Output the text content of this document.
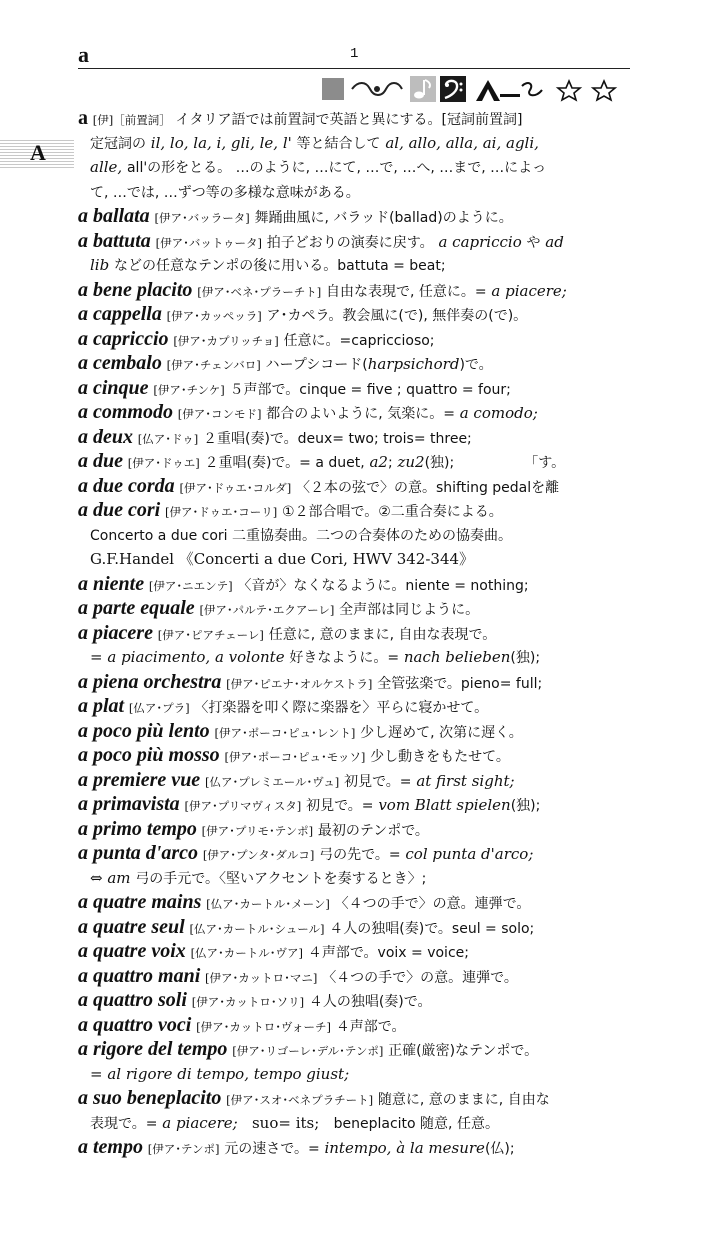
a	1
A
a [伊]［前置詞］ イタリア語では前置詞で英語と異にする。[冠詞前置詞]
定冠詞の il, lo, la, i, gli, le, l' 等と結合して al, allo, alla, ai, agli,
alle, all'の形をとる。 …のように, …にて, …で, …へ, …まで, …によっ
て, …では, …ずつ等の多様な意味がある。
a ballata [伊ア･バッラータ] 舞踊曲風に, バラッド(ballad)のように。
a battuta [伊ア･バットゥータ] 拍子どおりの演奏に戻す。 a capriccio や ad
lib などの任意なテンポの後に用いる。battuta = beat;
a bene placito [伊ア･ベネ･プラーチト] 自由な表現で, 任意に。= a piacere;
a cappella [伊ア･カッペッラ] ア･カペラ。教会風に(で), 無伴奏の(で)。
a capriccio [伊ア･カプリッチョ] 任意に。=capriccioso;
a cembalo [伊ア･チェンバロ] ハープシコード(harpsichord)で。
a cinque [伊ア･チンケ] ５声部で。cinque = five ; quattro = four;
a commodo [伊ア･コンモド] 都合のよいように, 気楽に。= a comodo;
a deux [仏ア･ドゥ] ２重唱(奏)で。deux= two; trois= three;
a due [伊ア･ドゥエ] ２重唱(奏)で。= a duet, a2; zu2(独);	「す。
a due corda [伊ア･ドゥエ･コルダ] 〈２本の弦で〉の意。shifting pedalを離
a due cori [伊ア･ドゥエ･コーリ] ①２部合唱で。②二重合奏による。
Concerto a due cori 二重協奏曲。二つの合奏体のための協奏曲。
G.F.Handel 《Concerti a due Cori, HWV 342-344》
a niente [伊ア･ニエンテ] 〈音が〉なくなるように。niente = nothing;
a parte equale [伊ア･パルテ･エクアーレ] 全声部は同じように。
a piacere [伊ア･ピアチェーレ] 任意に, 意のままに, 自由な表現で。
= a piacimento, a volonte 好きなように。= nach belieben(独);
a piena orchestra [伊ア･ピエナ･オルケストラ] 全管弦楽で。pieno= full;
a plat [仏ア･プラ] 〈打楽器を叩く際に楽器を〉平らに寝かせて。
a poco più lento [伊ア･ポーコ･ピュ･レント] 少し遅めて, 次第に遅く。
a poco più mosso [伊ア･ポーコ･ピュ･モッソ] 少し動きをもたせて。
a premiere vue [仏ア･プレミエール･ヴュ] 初見で。= at first sight;
a primavista [伊ア･プリマヴィスタ] 初見で。= vom Blatt spielen(独);
a primo tempo [伊ア･プリモ･テンポ] 最初のテンポで。
a punta d'arco [伊ア･プンタ･ダルコ] 弓の先で。= col punta d'arco;
⇔ am 弓の手元で。〈堅いアクセントを奏するとき〉;
a quatre mains [仏ア･カートル･メーン] 〈４つの手で〉の意。連弾で。
a quatre seul [仏ア･カートル･シュール] ４人の独唱(奏)で。seul = solo;
a quatre voix [仏ア･カートル･ヴア] ４声部で。voix = voice;
a quattro mani [伊ア･カットロ･マニ] 〈４つの手で〉の意。連弾で。
a quattro soli [伊ア･カットロ･ソリ] ４人の独唱(奏)で。
a quattro voci [伊ア･カットロ･ヴォーチ] ４声部で。
a rigore del tempo [伊ア･リゴーレ･デル･テンポ] 正確(厳密)なテンポで。
= al rigore di tempo, tempo giust;
a suo beneplacito [伊ア･スオ･ベネプラチート] 随意に, 意のままに, 自由な
表現で。= a piacere; suo= its; beneplacito 随意, 任意。
a tempo [伊ア･テンポ] 元の速さで。= intempo, à la mesure(仏);
